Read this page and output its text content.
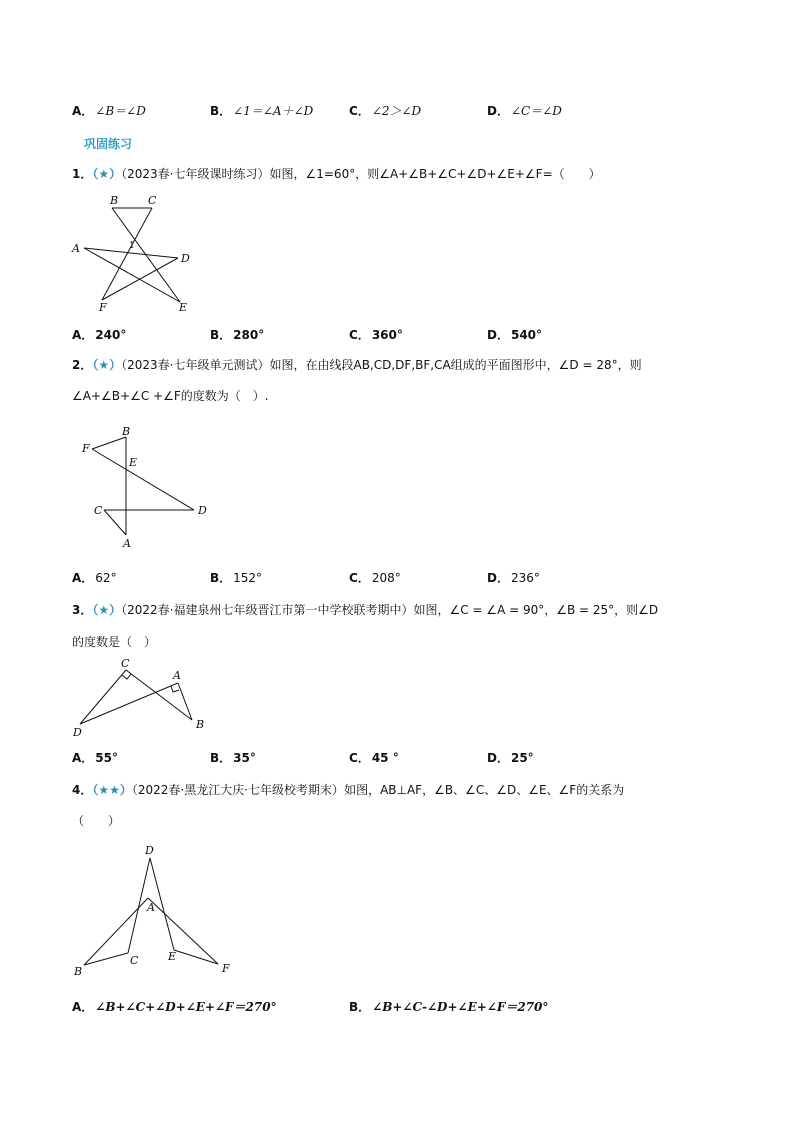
A． ∠B＝∠D	B． ∠1＝∠A＋∠D	C． ∠2＞∠D	D． ∠C＝∠D
巩固练习
1．（★）（2023春·七年级课时练习）如图，∠1=60°，则∠A+∠B+∠C+∠D+∠E+∠F=（　　）
B	C
A	1
D
F	E
A． 240°	B． 280°	C． 360°	D． 540°
2．（★）（2023春·七年级单元测试）如图，在由线段AB,CD,DF,BF,CA组成的平面图形中，∠D = 28°，则
∠A+∠B+∠C +∠F的度数为（　）.
B
F
E
C	D
A
A． 62°	B． 152°	C． 208°	D． 236°
3．（★）（2022春·福建泉州七年级晋江市第一中学校联考期中）如图，∠C = ∠A = 90°，∠B = 25°，则∠D
的度数是（　）
C
A
D
B
A． 55°	B． 35°	C． 45 °	D． 25°
4．（★★）（2022春·黑龙江大庆·七年级校考期末）如图，AB⊥AF，∠B、∠C、∠D、∠E、∠F的关系为
（　　）
D
A
B
C	E
F
A． ∠B+∠C+∠D+∠E+∠F＝270°	B． ∠B+∠C-∠D+∠E+∠F＝270°
